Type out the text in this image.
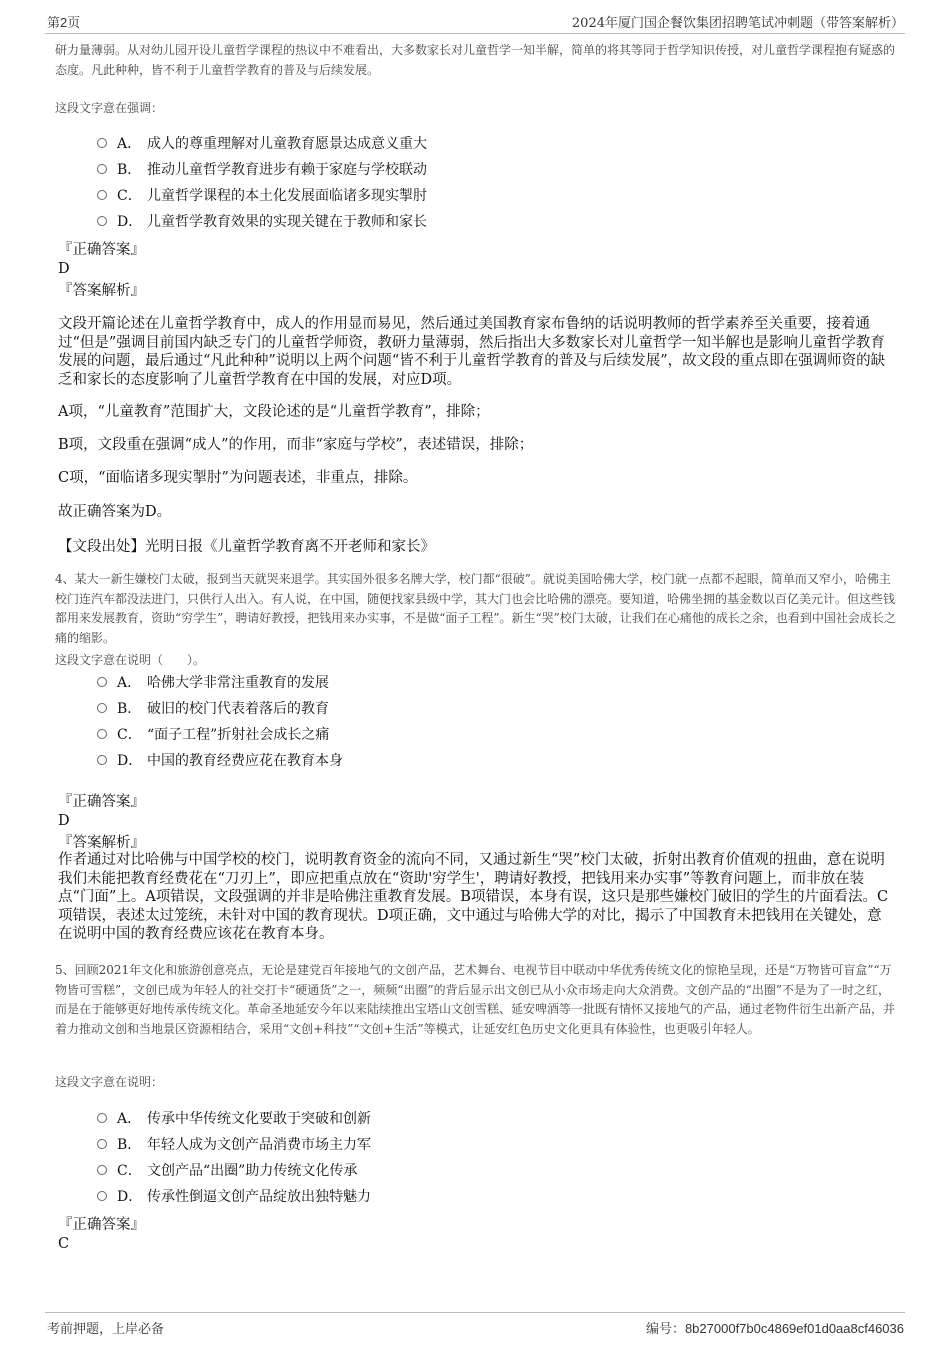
第2页	2024年厦门国企餐饮集团招聘笔试冲刺题（带答案解析）
研力量薄弱。从对幼儿园开设儿童哲学课程的热议中不难看出，大多数家长对儿童哲学一知半解，简单的将其等同于哲学知识传授，对儿童哲学课程抱有疑惑的态度。凡此种种，皆不利于儿童哲学教育的普及与后续发展。
这段文字意在强调：
A． 成人的尊重理解对儿童教育愿景达成意义重大
B． 推动儿童哲学教育进步有赖于家庭与学校联动
C． 儿童哲学课程的本土化发展面临诸多现实掣肘
D． 儿童哲学教育效果的实现关键在于教师和家长
『正确答案』
D
『答案解析』
文段开篇论述在儿童哲学教育中，成人的作用显而易见，然后通过美国教育家布鲁纳的话说明教师的哲学素养至关重要，接着通过“但是”强调目前国内缺乏专门的儿童哲学师资，教研力量薄弱，然后指出大多数家长对儿童哲学一知半解也是影响儿童哲学教育发展的问题，最后通过“凡此种种”说明以上两个问题“皆不利于儿童哲学教育的普及与后续发展”，故文段的重点即在强调师资的缺乏和家长的态度影响了儿童哲学教育在中国的发展，对应D项。
A项，“儿童教育”范围扩大，文段论述的是“儿童哲学教育”，排除；
B项，文段重在强调“成人”的作用，而非“家庭与学校”，表述错误，排除；
C项，“面临诸多现实掣肘”为问题表述，非重点，排除。
故正确答案为D。
【文段出处】光明日报《儿童哲学教育离不开老师和家长》
4、某大一新生嫌校门太破，报到当天就哭来退学。其实国外很多名牌大学，校门都“很破”。就说美国哈佛大学，校门就一点都不起眼，简单而又窄小，哈佛主校门连汽车都没法进门，只供行人出入。有人说，在中国，随便找家县级中学，其大门也会比哈佛的漂亮。要知道，哈佛坐拥的基金数以百亿美元计。但这些钱都用来发展教育，资助“穷学生”，聘请好教授，把钱用来办实事，不是做“面子工程”。新生“哭”校门太破，让我们在心痛他的成长之余，也看到中国社会成长之痛的缩影。
这段文字意在说明（　　）。
A． 哈佛大学非常注重教育的发展
B． 破旧的校门代表着落后的教育
C． “面子工程”折射社会成长之痛
D． 中国的教育经费应花在教育本身
『正确答案』
D
『答案解析』
作者通过对比哈佛与中国学校的校门，说明教育资金的流向不同，又通过新生“哭”校门太破，折射出教育价值观的扭曲，意在说明我们未能把教育经费花在“刀刃上”，即应把重点放在“资助'穷学生'，聘请好教授，把钱用来办实事”等教育问题上，而非放在装点“门面”上。A项错误，文段强调的并非是哈佛注重教育发展。B项错误，本身有误，这只是那些嫌校门破旧的学生的片面看法。C项错误，表述太过笼统，未针对中国的教育现状。D项正确，文中通过与哈佛大学的对比，揭示了中国教育未把钱用在关键处，意在说明中国的教育经费应该花在教育本身。
5、回顾2021年文化和旅游创意亮点，无论是建党百年接地气的文创产品，艺术舞台、电视节目中联动中华优秀传统文化的惊艳呈现，还是“万物皆可盲盒”“万物皆可雪糕”，文创已成为年轻人的社交打卡“硬通货”之一，频频“出圈”的背后显示出文创已从小众市场走向大众消费。文创产品的“出圈”不是为了一时之红，而是在于能够更好地传承传统文化。革命圣地延安今年以来陆续推出宝塔山文创雪糕、延安啤酒等一批既有情怀又接地气的产品，通过老物件衍生出新产品，并着力推动文创和当地景区资源相结合，采用“文创+科技”“文创+生活”等模式，让延安红色历史文化更具有体验性，也更吸引年轻人。
这段文字意在说明：
A． 传承中华传统文化要敢于突破和创新
B． 年轻人成为文创产品消费市场主力军
C． 文创产品“出圈”助力传统文化传承
D． 传承性倒逼文创产品绽放出独特魅力
『正确答案』
C
考前押题，上岸必备	编号：8b27000f7b0c4869ef01d0aa8cf46036
